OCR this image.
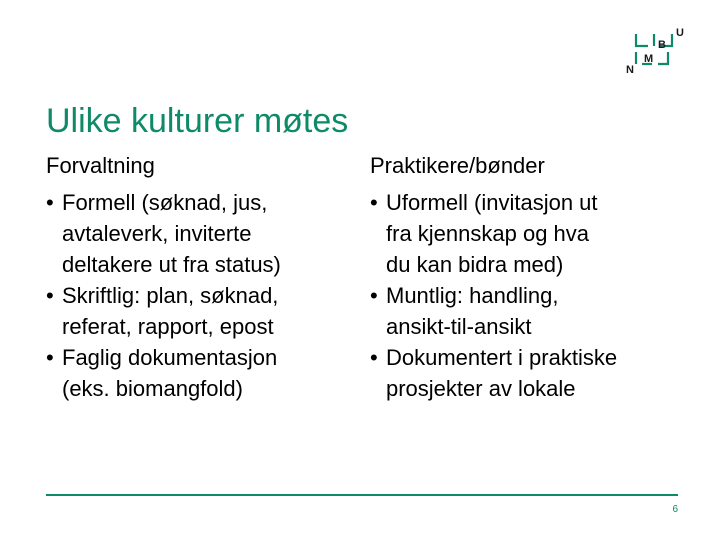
U
B
M
N
Ulike kulturer møtes
Forvaltning
• Formell (søknad, jus,
avtaleverk, inviterte
deltakere ut fra status)
• Skriftlig: plan, søknad,
referat, rapport, epost
• Faglig dokumentasjon
(eks. biomangfold)
Praktikere/bønder
• Uformell (invitasjon ut
fra kjennskap og hva
du kan bidra med)
• Muntlig: handling,
ansikt-til-ansikt
• Dokumentert i praktiske
prosjekter av lokale
6
